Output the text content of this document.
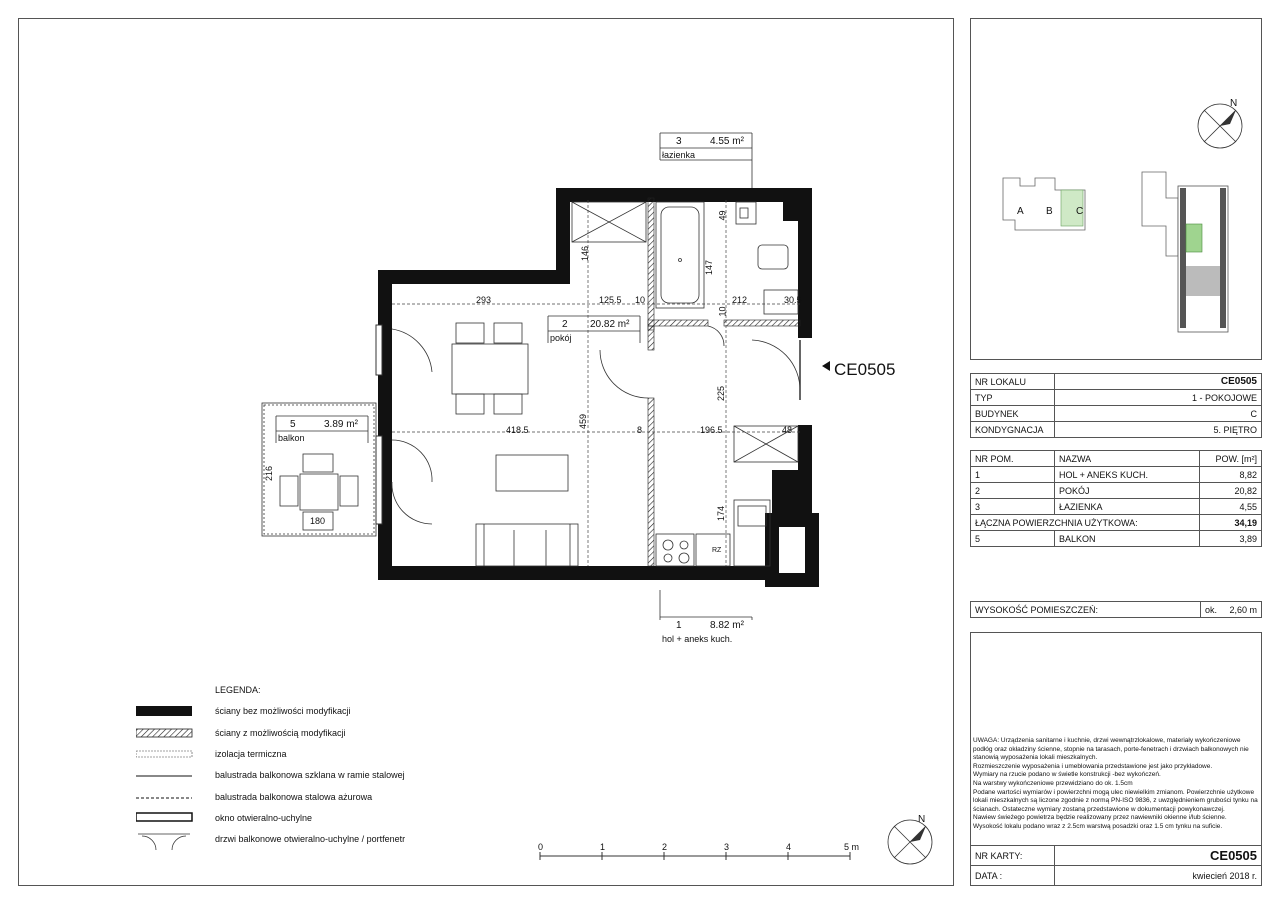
3	4.55 m²
łazienka
2 20.82 m²
pokój
5	3.89 m²
balkon
1	8.82 m²
hol + aneks kuch.
293	125.5 10	212	30.5
146
49
147
10
459
225
418.5	8	196.5	48
174
216
180
RZ
CE0505
N
A B C
NR LOKALU	CE0505
TYP	1 - POKOJOWE
BUDYNEK	C
KONDYGNACJA	5. PIĘTRO
NR POM.	NAZWA	POW. [m²]
1	HOL + ANEKS KUCH.	8,82
2	POKÓJ	20,82
3	ŁAZIENKA	4,55
ŁĄCZNA POWIERZCHNIA UŻYTKOWA:		34,19
5	BALKON	3,89
WYSOKOŚĆ POMIESZCZEŃ:	ok.	2,60 m
UWAGA: Urządzenia sanitarne i kuchnie, drzwi wewnątrzlokalowe, materiały wykończeniowe podłóg oraz okładziny ścienne, stopnie na tarasach, porte-fenetrach i drzwiach balkonowych nie stanowią wyposażenia lokali mieszkalnych.
Rozmieszczenie wyposażenia i umeblowania przedstawione jest jako przykładowe.
Wymiary na rzucie podano w świetle konstrukcji -bez wykończeń.
Na warstwy wykończeniowe przewidziano do ok. 1.5cm
Podane wartości wymiarów i powierzchni mogą ulec niewielkim zmianom. Powierzchnie użytkowe lokali mieszkalnych są liczone zgodnie z normą PN-ISO 9836, z uwzględnieniem grubości tynku na ścianach. Ostateczne wymiary zostaną przedstawione w dokumentacji powykonawczej.
Nawiew świeżego powietrza będzie realizowany przez nawiewniki okienne i/lub ścienne.
Wysokość lokalu podano wraz z 2.5cm warstwą posadzki oraz 1.5 cm tynku na suficie.
NR KARTY:	CE0505
DATA :	kwiecień 2018 r.
LEGENDA:
ściany bez możliwości modyfikacji
ściany z możliwością modyfikacji
izolacja termiczna
balustrada balkonowa szklana w ramie stalowej
balustrada balkonowa stalowa ażurowa
okno otwieralno-uchylne
drzwi balkonowe otwieralno-uchylne / portfenetr
0	1	2	3	4	5 m
N
